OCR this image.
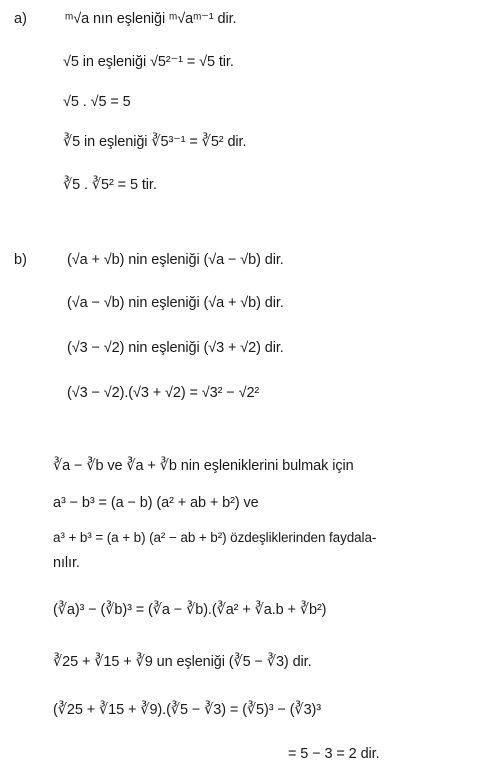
a)	ᵐ√a nın eşleniği ᵐ√aᵐ⁻¹ dir.
√5 in eşleniği √5²⁻¹ = √5 tir.
√5 . √5 = 5
∛5 in eşleniği ∛5³⁻¹ = ∛5² dir.
∛5 . ∛5² = 5 tir.
b)	(√a + √b) nin eşleniği (√a − √b) dir.
(√a − √b) nin eşleniği (√a + √b) dir.
(√3 − √2) nin eşleniği (√3 + √2) dir.
(√3 − √2).(√3 + √2) = √3² − √2²
∛a − ∛b ve ∛a + ∛b nin eşleniklerini bulmak için
a³ − b³ = (a − b) (a² + ab + b²) ve
a³ + b³ = (a + b) (a² − ab + b²) özdeşliklerinden faydala-
nılır.
(∛a)³ − (∛b)³ = (∛a − ∛b).(∛a² + ∛a.b + ∛b²)
∛25 + ∛15 + ∛9 un eşleniği (∛5 − ∛3) dir.
(∛25 + ∛15 + ∛9).(∛5 − ∛3) = (∛5)³ − (∛3)³
= 5 − 3 = 2 dir.
